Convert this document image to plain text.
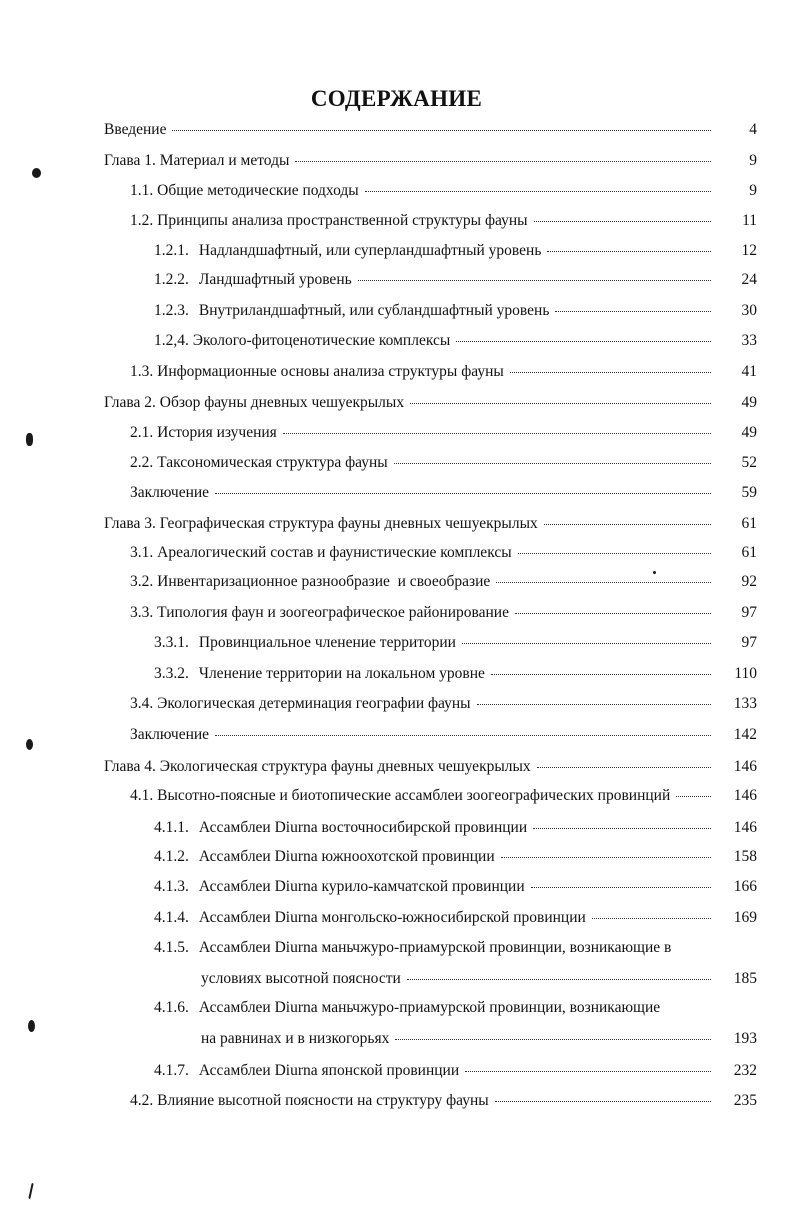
СОДЕРЖАНИЕ
Введение	4
Глава 1. Материал и методы	9
1.1. Общие методические подходы	9
1.2. Принципы анализа пространственной структуры фауны	11
1.2.1. Надландшафтный, или суперландшафтный уровень	12
1.2.2. Ландшафтный уровень	24
1.2.3. Внутриландшафтный, или субландшафтный уровень	30
1.2,4. Эколого-фитоценотические комплексы	33
1.3. Информационные основы анализа структуры фауны	41
Глава 2. Обзор фауны дневных чешуекрылых	49
2.1. История изучения	49
2.2. Таксономическая структура фауны	52
Заключение	59
Глава 3. Географическая структура фауны дневных чешуекрылых	61
3.1. Ареалогический состав и фаунистические комплексы	61
3.2. Инвентаризационное разнообразие  и своеобразие	92
3.3. Типология фаун и зоогеографическое районирование	97
3.3.1. Провинциальное членение территории	97
3.3.2. Членение территории на локальном уровне	110
3.4. Экологическая детерминация географии фауны	133
Заключение	142
Глава 4. Экологическая структура фауны дневных чешуекрылых	146
4.1. Высотно-поясные и биотопические ассамблеи зоогеографических провинций	146
4.1.1. Ассамблеи Diurna восточносибирской провинции	146
4.1.2. Ассамблеи Diurna южноохотской провинции	158
4.1.3. Ассамблеи Diurna курило-камчатской провинции	166
4.1.4. Ассамблеи Diurna монгольско-южносибирской провинции	169
4.1.5. Ассамблеи Diurna маньчжуро-приамурской провинции, возникающие в
условиях высотной поясности	185
4.1.6. Ассамблеи Diurna маньчжуро-приамурской провинции, возникающие
на равнинах и в низкогорьях	193
4.1.7. Ассамблеи Diurna японской провинции	232
4.2. Влияние высотной поясности на структуру фауны	235
